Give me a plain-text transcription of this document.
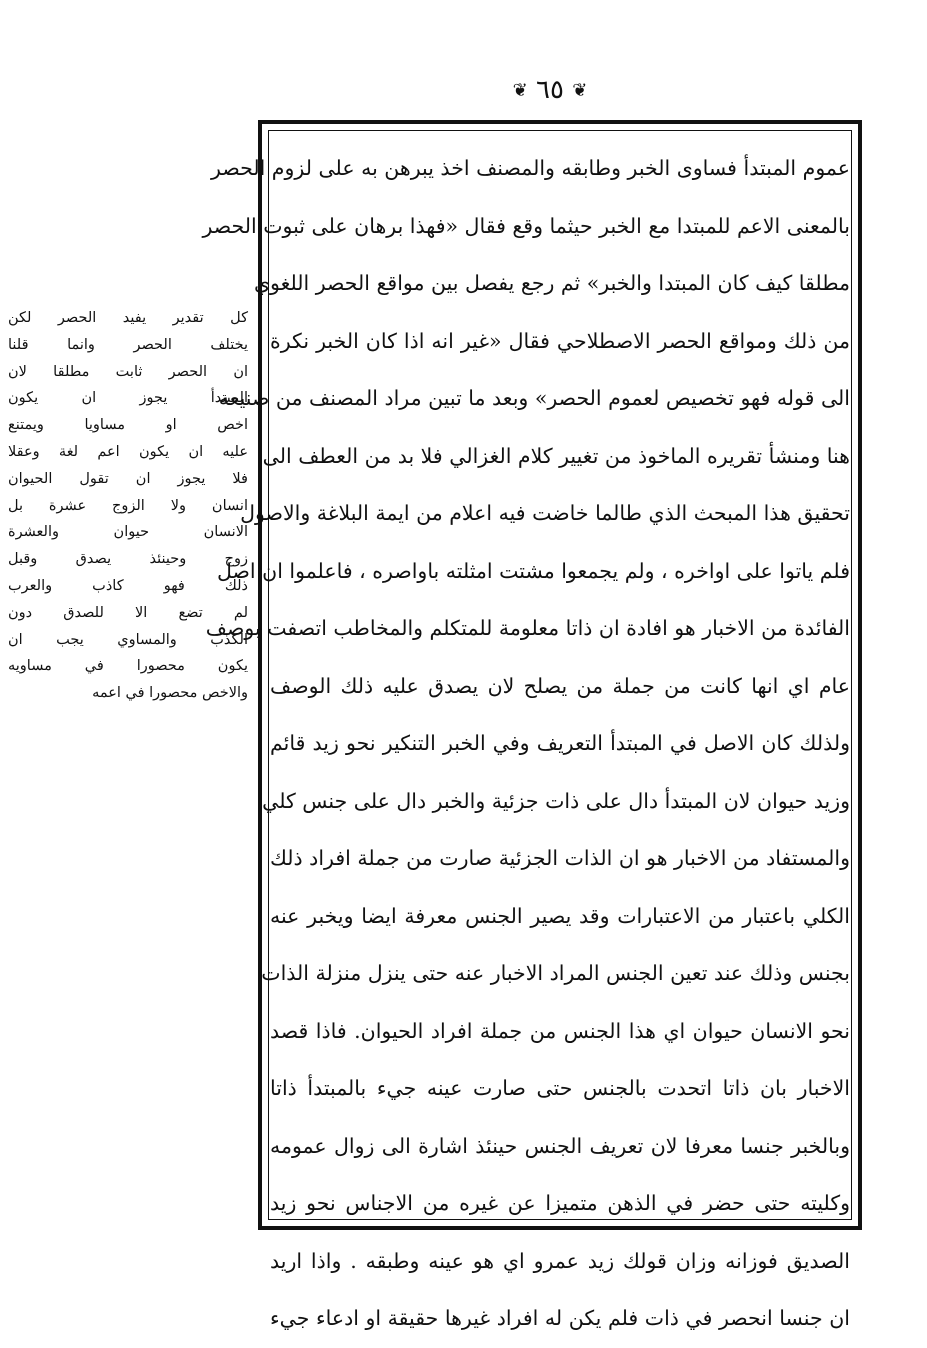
❦ ٦٥ ❦
عموم المبتدأ فساوى الخبر وطابقه والمصنف اخذ يبرهن به على لزوم الحصر
بالمعنى الاعم للمبتدا مع الخبر حيثما وقع فقال «فهذا برهان على ثبوت الحصر
مطلقا كيف كان المبتدا والخبر» ثم رجع يفصل بين مواقع الحصر اللغوي
من ذلك ومواقع الحصر الاصطلاحي فقال «غير انه اذا كان الخبر نكرة
الى قوله فهو تخصيص لعموم الحصر» وبعد ما تبين مراد المصنف من صنيعه
هنا ومنشأ تقريره الماخوذ من تغيير كلام الغزالي فلا بد من العطف الى
تحقيق هذا المبحث الذي طالما خاضت فيه اعلام من ايمة البلاغة والاصول
فلم ياتوا على اواخره ، ولم يجمعوا مشتت امثلته باواصره ، فاعلموا ان اصل
الفائدة من الاخبار هو افادة ان ذاتا معلومة للمتكلم والمخاطب اتصفت بوصف
عام اي انها كانت من جملة من يصلح لان يصدق عليه ذلك الوصف
ولذلك كان الاصل في المبتدأ التعريف وفي الخبر التنكير نحو زيد قائم
وزيد حيوان لان المبتدأ دال على ذات جزئية والخبر دال على جنس كلي
والمستفاد من الاخبار هو ان الذات الجزئية صارت من جملة افراد ذلك
الكلي باعتبار من الاعتبارات وقد يصير الجنس معرفة ايضا ويخبر عنه
بجنس وذلك عند تعين الجنس المراد الاخبار عنه حتى ينزل منزلة الذات
نحو الانسان حيوان اي هذا الجنس من جملة افراد الحيوان. فاذا قصد
الاخبار بان ذاتا اتحدت بالجنس حتى صارت عينه جيء بالمبتدأ ذاتا
وبالخبر جنسا معرفا لان تعريف الجنس حينئذ اشارة الى زوال عمومه
وكليته حتى حضر في الذهن متميزا عن غيره من الاجناس نحو زيد
الصديق فوزانه وزان قولك زيد عمرو اي هو عينه وطبقه . واذا اريد
ان جنسا انحصر في ذات فلم يكن له افراد غيرها حقيقة او ادعاء جيء
كل تقدير يفيد الحصر لكن
يختلف الحصر وانما قلنا
ان الحصر ثابت مطلقا لان
المبتدأ يجوز ان يكون
اخص او مساويا ويمتنع
عليه ان يكون اعم لغة وعقلا
فلا يجوز ان تقول الحيوان
انسان ولا الزوج عشرة بل
الانسان حيوان والعشرة
زوج وحينئذ يصدق وقبل
ذلك فهو كاذب والعرب
لم تضع الا للصدق دون
الكذب والمساوي يجب ان
يكون محصورا في مساويه
والاخص محصورا في اعمه
